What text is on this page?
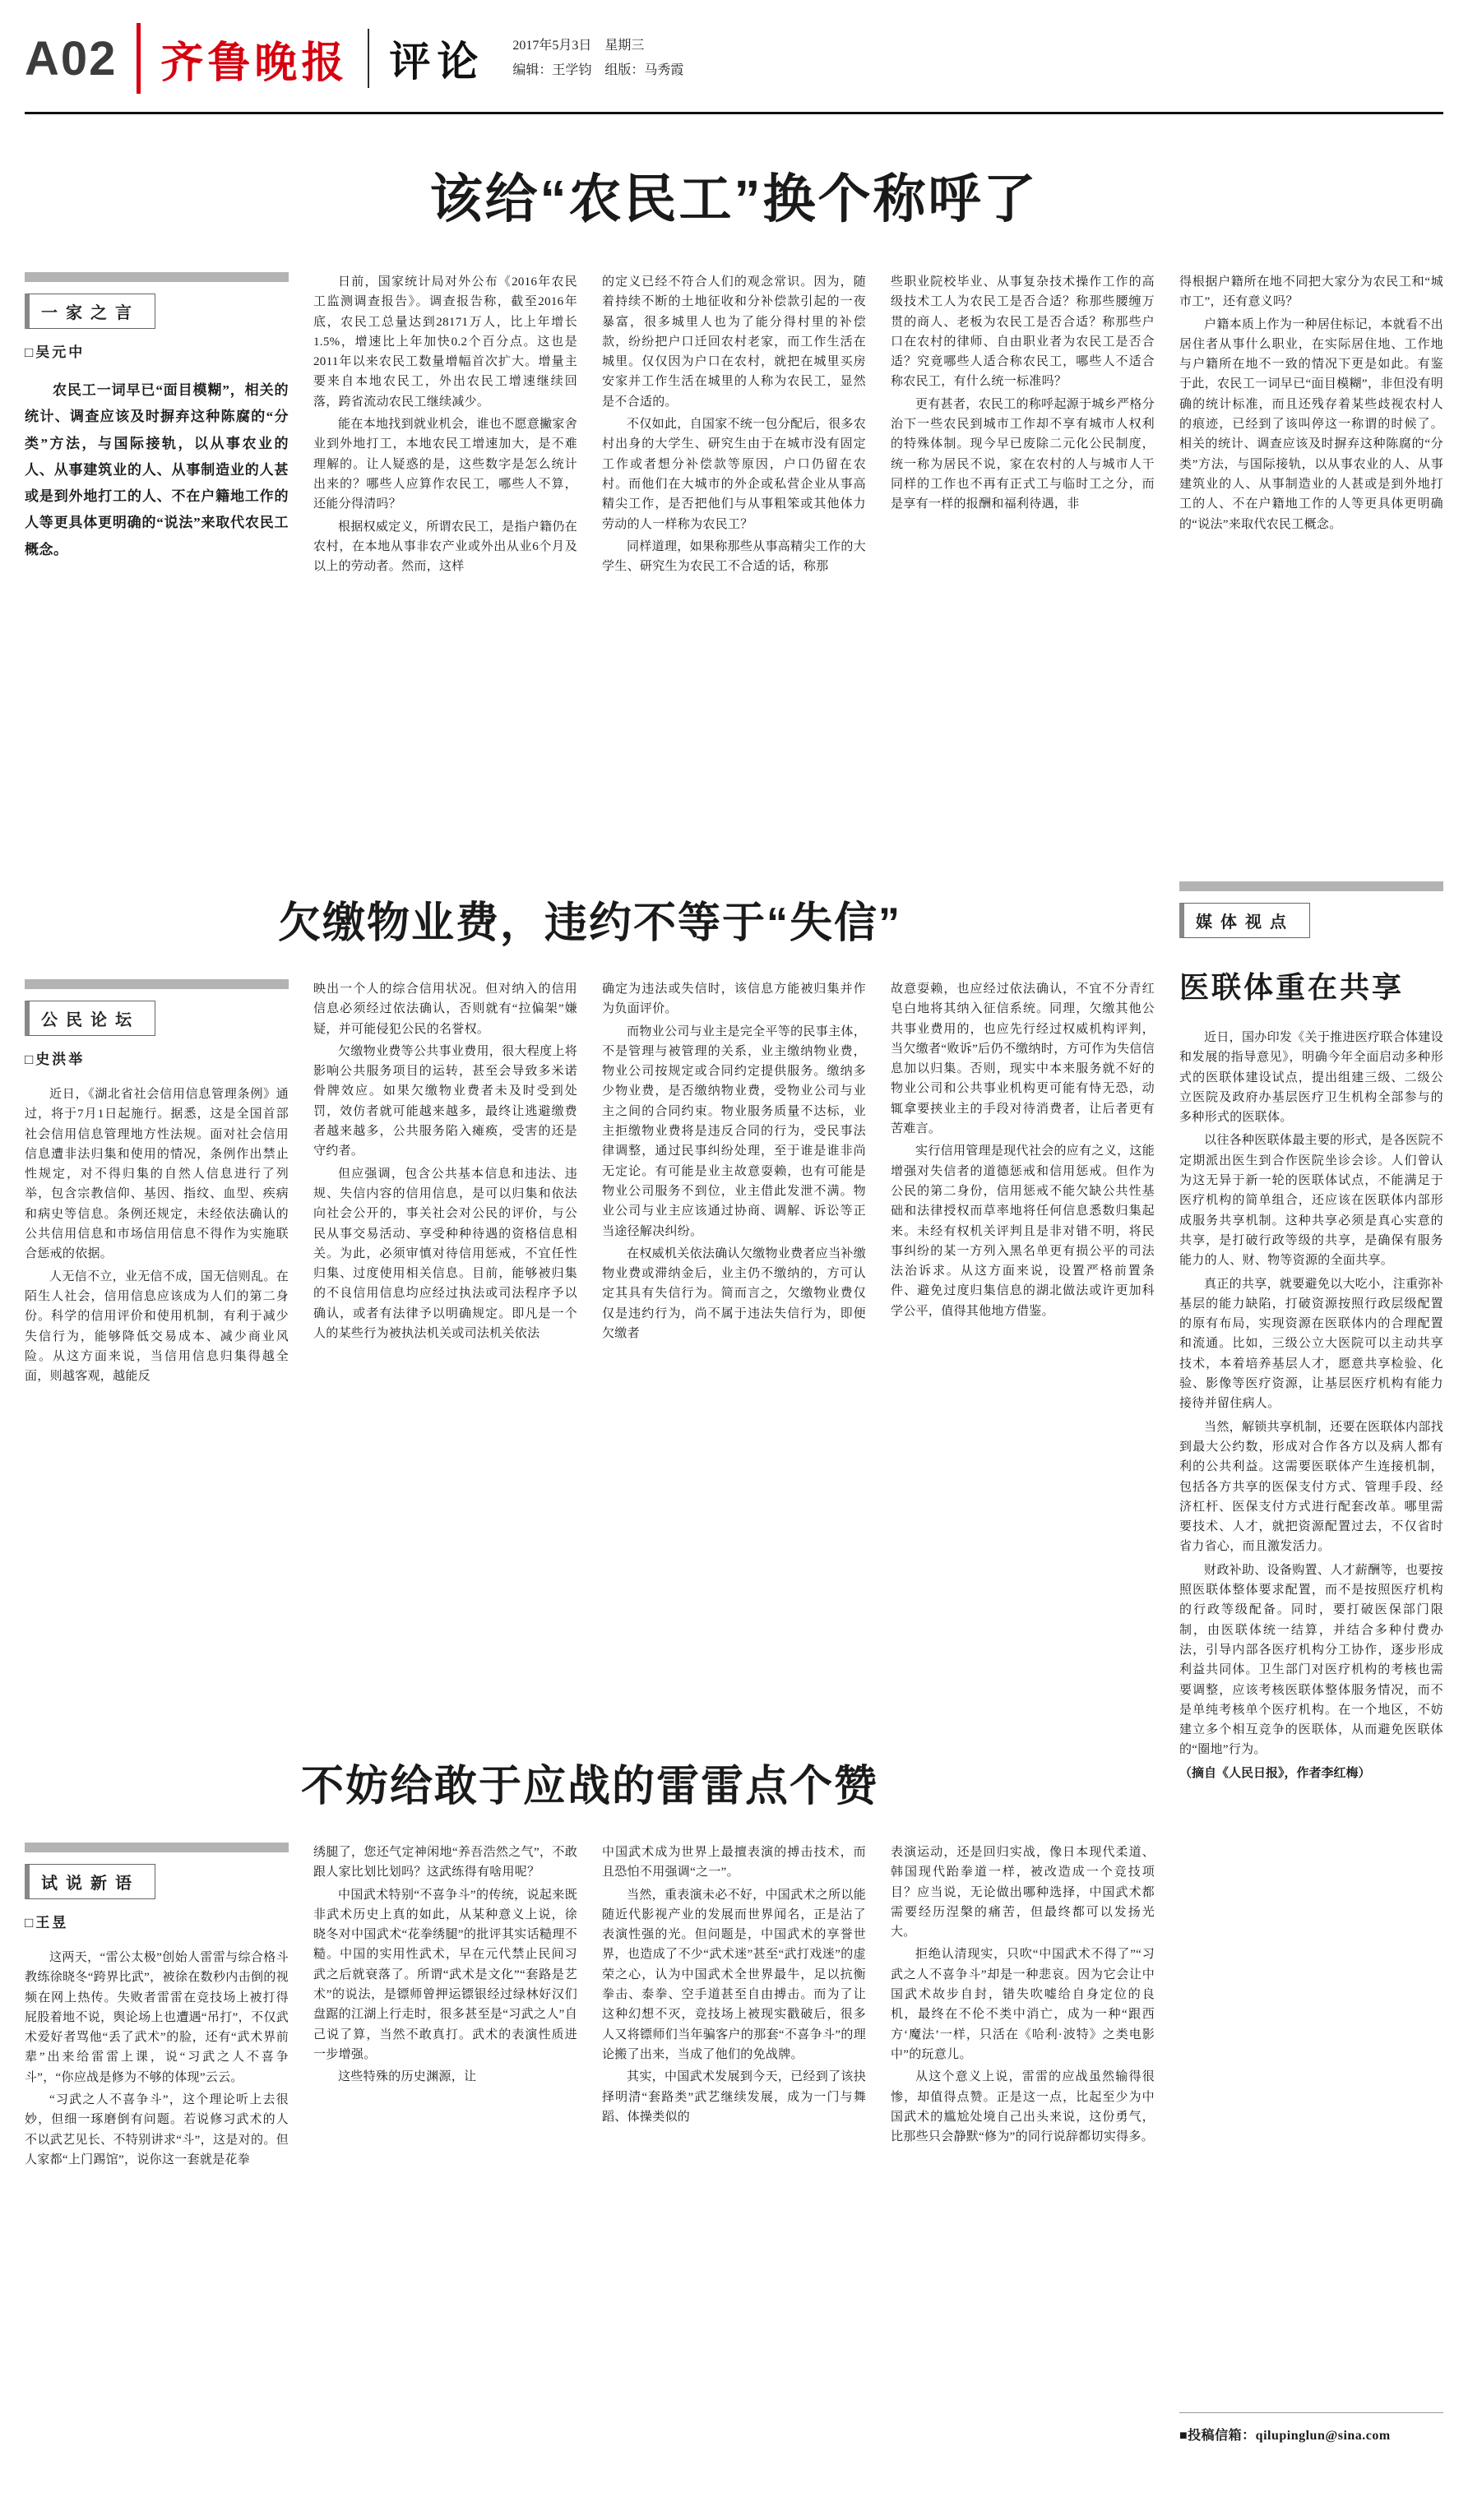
A02 齐鲁晚报 评论 2017年5月3日　星期三
编辑：王学钧　组版：马秀霞
该给“农民工”换个称呼了
一家之言
□吴元中

农民工一词早已“面目模糊”，相关的统计、调查应该及时摒弃这种陈腐的“分类”方法，与国际接轨，以从事农业的人、从事建筑业的人、从事制造业的人甚或是到外地打工的人、不在户籍地工作的人等更具体更明确的“说法”来取代农民工概念。

日前，国家统计局对外公布《2016年农民工监测调查报告》。调查报告称，截至2016年底，农民工总量达到28171万人，比上年增长1.5%，增速比上年加快0.2个百分点。这也是2011年以来农民工数量增幅首次扩大。增量主要来自本地农民工，外出农民工增速继续回落，跨省流动农民工继续减少。

能在本地找到就业机会，谁也不愿意撇家舍业到外地打工，本地农民工增速加大，是不难理解的。让人疑惑的是，这些数字是怎么统计出来的？哪些人应算作农民工，哪些人不算，还能分得清吗？

根据权威定义，所谓农民工，是指户籍仍在农村，在本地从事非农产业或外出从业6个月及以上的劳动者。然而，这样

的定义已经不符合人们的观念常识。因为，随着持续不断的土地征收和分补偿款引起的一夜暴富，很多城里人也为了能分得村里的补偿款，纷纷把户口迁回农村老家，而工作生活在城里。仅仅因为户口在农村，就把在城里买房安家并工作生活在城里的人称为农民工，显然是不合适的。

不仅如此，自国家不统一包分配后，很多农村出身的大学生、研究生由于在城市没有固定工作或者想分补偿款等原因，户口仍留在农村。而他们在大城市的外企或私营企业从事高精尖工作，是否把他们与从事粗笨或其他体力劳动的人一样称为农民工？

同样道理，如果称那些从事高精尖工作的大学生、研究生为农民工不合适的话，称那

些职业院校毕业、从事复杂技术操作工作的高级技术工人为农民工是否合适？称那些腰缠万贯的商人、老板为农民工是否合适？称那些户口在农村的律师、自由职业者为农民工是否合适？究竟哪些人适合称农民工，哪些人不适合称农民工，有什么统一标准吗？

更有甚者，农民工的称呼起源于城乡严格分治下一些农民到城市工作却不享有城市人权利的特殊体制。现今早已废除二元化公民制度，统一称为居民不说，家在农村的人与城市人干同样的工作也不再有正式工与临时工之分，而是享有一样的报酬和福利待遇，非

得根据户籍所在地不同把大家分为农民工和“城市工”，还有意义吗？

户籍本质上作为一种居住标记，本就看不出居住者从事什么职业，在实际居住地、工作地与户籍所在地不一致的情况下更是如此。有鉴于此，农民工一词早已“面目模糊”，非但没有明确的统计标准，而且还残存着某些歧视农村人的痕迹，已经到了该叫停这一称谓的时候了。相关的统计、调查应该及时摒弃这种陈腐的“分类”方法，与国际接轨，以从事农业的人、从事建筑业的人、从事制造业的人甚或是到外地打工的人、不在户籍地工作的人等更具体更明确的“说法”来取代农民工概念。

欠缴物业费，违约不等于“失信”
公民论坛
□史洪举

近日，《湖北省社会信用信息管理条例》通过，将于7月1日起施行。据悉，这是全国首部社会信用信息管理地方性法规。面对社会信用信息遭非法归集和使用的情况，条例作出禁止性规定，对不得归集的自然人信息进行了列举，包含宗教信仰、基因、指纹、血型、疾病和病史等信息。条例还规定，未经依法确认的公共信用信息和市场信用信息不得作为实施联合惩戒的依据。

人无信不立，业无信不成，国无信则乱。在陌生人社会，信用信息应该成为人们的第二身份。科学的信用评价和使用机制，有利于减少失信行为，能够降低交易成本、减少商业风险。从这方面来说，当信用信息归集得越全面，则越客观，越能反

映出一个人的综合信用状况。但对纳入的信用信息必须经过依法确认，否则就有“拉偏架”嫌疑，并可能侵犯公民的名誉权。

欠缴物业费等公共事业费用，很大程度上将影响公共服务项目的运转，甚至会导致多米诺骨牌效应。如果欠缴物业费者未及时受到处罚，效仿者就可能越来越多，最终让逃避缴费者越来越多，公共服务陷入瘫痪，受害的还是守约者。

但应强调，包含公共基本信息和违法、违规、失信内容的信用信息，是可以归集和依法向社会公开的，事关社会对公民的评价，与公民从事交易活动、享受种种待遇的资格信息相关。为此，必须审慎对待信用惩戒，不宜任性归集、过度使用相关信息。目前，能够被归集的不良信用信息均应经过执法或司法程序予以确认，或者有法律予以明确规定。即凡是一个人的某些行为被执法机关或司法机关依法

确定为违法或失信时，该信息方能被归集并作为负面评价。

而物业公司与业主是完全平等的民事主体，不是管理与被管理的关系，业主缴纳物业费，物业公司按规定或合同约定提供服务。缴纳多少物业费，是否缴纳物业费，受物业公司与业主之间的合同约束。物业服务质量不达标，业主拒缴物业费将是违反合同的行为，受民事法律调整，通过民事纠纷处理，至于谁是谁非尚无定论。有可能是业主故意耍赖，也有可能是物业公司服务不到位，业主借此发泄不满。物业公司与业主应该通过协商、调解、诉讼等正当途径解决纠纷。

在权威机关依法确认欠缴物业费者应当补缴物业费或滞纳金后，业主仍不缴纳的，方可认定其具有失信行为。简而言之，欠缴物业费仅仅是违约行为，尚不属于违法失信行为，即便欠缴者

故意耍赖，也应经过依法确认，不宜不分青红皂白地将其纳入征信系统。同理，欠缴其他公共事业费用的，也应先行经过权威机构评判，当欠缴者“败诉”后仍不缴纳时，方可作为失信信息加以归集。否则，现实中本来服务就不好的物业公司和公共事业机构更可能有恃无恐，动辄拿要挟业主的手段对待消费者，让后者更有苦难言。

实行信用管理是现代社会的应有之义，这能增强对失信者的道德惩戒和信用惩戒。但作为公民的第二身份，信用惩戒不能欠缺公共性基础和法律授权而草率地将任何信息悉数归集起来。未经有权机关评判且是非对错不明，将民事纠纷的某一方列入黑名单更有损公平的司法法治诉求。从这方面来说，设置严格前置条件、避免过度归集信息的湖北做法或许更加科学公平，值得其他地方借鉴。

不妨给敢于应战的雷雷点个赞
试说新语
□王昱

这两天，“雷公太极”创始人雷雷与综合格斗教练徐晓冬“跨界比武”，被徐在数秒内击倒的视频在网上热传。失败者雷雷在竞技场上被打得屁股着地不说，舆论场上也遭遇“吊打”，不仅武术爱好者骂他“丢了武术”的脸，还有“武术界前辈”出来给雷雷上课，说“习武之人不喜争斗”，“你应战是修为不够的体现”云云。

“习武之人不喜争斗”，这个理论听上去很妙，但细一琢磨倒有问题。若说修习武术的人不以武艺见长、不特别讲求“斗”，这是对的。但人家都“上门踢馆”，说你这一套就是花拳

绣腿了，您还气定神闲地“养吾浩然之气”，不敢跟人家比划比划吗？这武练得有啥用呢？

中国武术特别“不喜争斗”的传统，说起来既非武术历史上真的如此，从某种意义上说，徐晓冬对中国武术“花拳绣腿”的批评其实话糙理不糙。中国的实用性武术，早在元代禁止民间习武之后就衰落了。所谓“武术是文化”“套路是艺术”的说法，是镖师曾押运镖银经过绿林好汉们盘踞的江湖上行走时，很多甚至是“习武之人”自己说了算，当然不敢真打。武术的表演性质进一步增强。

这些特殊的历史渊源，让

中国武术成为世界上最擅表演的搏击技术，而且恐怕不用强调“之一”。

当然，重表演未必不好，中国武术之所以能随近代影视产业的发展而世界闻名，正是沾了表演性强的光。但问题是，中国武术的享誉世界，也造成了不少“武术迷”甚至“武打戏迷”的虚荣之心，认为中国武术全世界最牛，足以抗衡拳击、泰拳、空手道甚至自由搏击。而为了让这种幻想不灭，竞技场上被现实戳破后，很多人又将镖师们当年骗客户的那套“不喜争斗”的理论搬了出来，当成了他们的免战牌。

其实，中国武术发展到今天，已经到了该抉择明清“套路类”武艺继续发展，成为一门与舞蹈、体操类似的

表演运动，还是回归实战，像日本现代柔道、韩国现代跆拳道一样，被改造成一个竞技项目？应当说，无论做出哪种选择，中国武术都需要经历涅槃的痛苦，但最终都可以发扬光大。

拒绝认清现实，只吹“中国武术不得了”“习武之人不喜争斗”却是一种悲哀。因为它会让中国武术故步自封，错失吹嘘给自身定位的良机，最终在不伦不类中消亡，成为一种“跟西方‘魔法’一样，只活在《哈利·波特》之类电影中”的玩意儿。

从这个意义上说，雷雷的应战虽然输得很惨，却值得点赞。正是这一点，比起至少为中国武术的尴尬处境自己出头来说，这份勇气，比那些只会静默“修为”的同行说辞都切实得多。

媒体视点
医联体重在共享

近日，国办印发《关于推进医疗联合体建设和发展的指导意见》，明确今年全面启动多种形式的医联体建设试点，提出组建三级、二级公立医院及政府办基层医疗卫生机构全部参与的多种形式的医联体。

以往各种医联体最主要的形式，是各医院不定期派出医生到合作医院坐诊会诊。人们曾认为这无异于新一轮的医联体试点，不能满足于医疗机构的简单组合，还应该在医联体内部形成服务共享机制。这种共享必须是真心实意的共享，是打破行政等级的共享，是确保有服务能力的人、财、物等资源的全面共享。

真正的共享，就要避免以大吃小，注重弥补基层的能力缺陷，打破资源按照行政层级配置的原有布局，实现资源在医联体内的合理配置和流通。比如，三级公立大医院可以主动共享技术，本着培养基层人才，愿意共享检验、化验、影像等医疗资源，让基层医疗机构有能力接待并留住病人。

当然，解锁共享机制，还要在医联体内部找到最大公约数，形成对合作各方以及病人都有利的公共利益。这需要医联体产生连接机制，包括各方共享的医保支付方式、管理手段、经济杠杆、医保支付方式进行配套改革。哪里需要技术、人才，就把资源配置过去，不仅省时省力省心，而且激发活力。

财政补助、设备购置、人才薪酬等，也要按照医联体整体要求配置，而不是按照医疗机构的行政等级配备。同时，要打破医保部门限制，由医联体统一结算，并结合多种付费办法，引导内部各医疗机构分工协作，逐步形成利益共同体。卫生部门对医疗机构的考核也需要调整，应该考核医联体整体服务情况，而不是单纯考核单个医疗机构。在一个地区，不妨建立多个相互竞争的医联体，从而避免医联体的“圈地”行为。

（摘自《人民日报》，作者李红梅）

■投稿信箱：qilupinglun@sina.com
